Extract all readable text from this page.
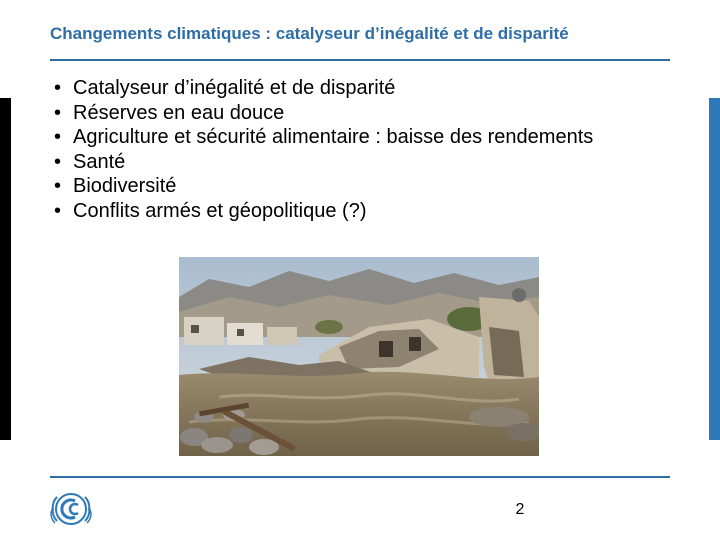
Changements climatiques : catalyseur d’inégalité et de disparité
• Catalyseur d’inégalité et de disparité
• Réserves en eau douce
• Agriculture et sécurité alimentaire : baisse des rendements
• Santé
• Biodiversité
• Conflits armés et géopolitique (?)
2
